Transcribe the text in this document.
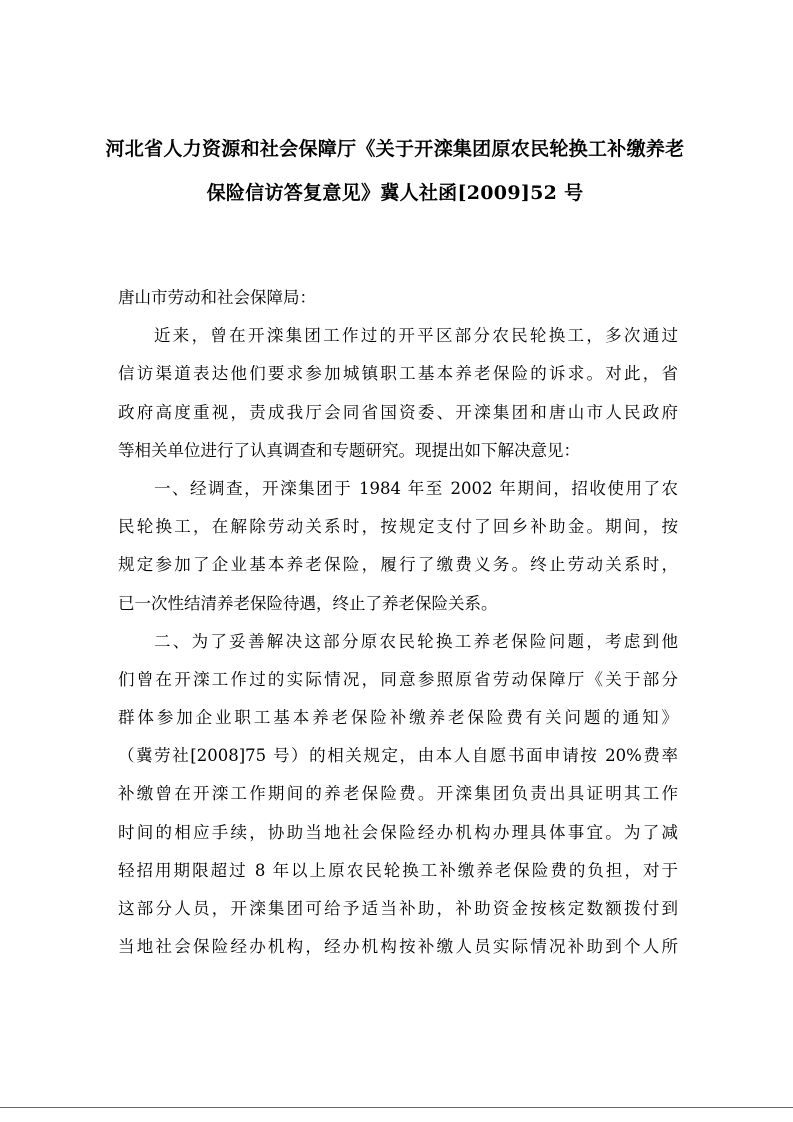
河北省人力资源和社会保障厅《关于开滦集团原农民轮换工补缴养老
保险信访答复意见》冀人社函[2009]52 号
唐山市劳动和社会保障局：
近来，曾在开滦集团工作过的开平区部分农民轮换工，多次通过
信访渠道表达他们要求参加城镇职工基本养老保险的诉求。对此，省
政府高度重视，责成我厅会同省国资委、开滦集团和唐山市人民政府
等相关单位进行了认真调查和专题研究。现提出如下解决意见：
一、经调查，开滦集团于 1984 年至 2002 年期间，招收使用了农
民轮换工，在解除劳动关系时，按规定支付了回乡补助金。期间，按
规定参加了企业基本养老保险，履行了缴费义务。终止劳动关系时，
已一次性结清养老保险待遇，终止了养老保险关系。
二、为了妥善解决这部分原农民轮换工养老保险问题，考虑到他
们曾在开滦工作过的实际情况，同意参照原省劳动保障厅《关于部分
群体参加企业职工基本养老保险补缴养老保险费有关问题的通知》
（冀劳社[2008]75 号）的相关规定，由本人自愿书面申请按 20%费率
补缴曾在开滦工作期间的养老保险费。开滦集团负责出具证明其工作
时间的相应手续，协助当地社会保险经办机构办理具体事宜。为了减
轻招用期限超过 8 年以上原农民轮换工补缴养老保险费的负担，对于
这部分人员，开滦集团可给予适当补助，补助资金按核定数额拨付到
当地社会保险经办机构，经办机构按补缴人员实际情况补助到个人所
